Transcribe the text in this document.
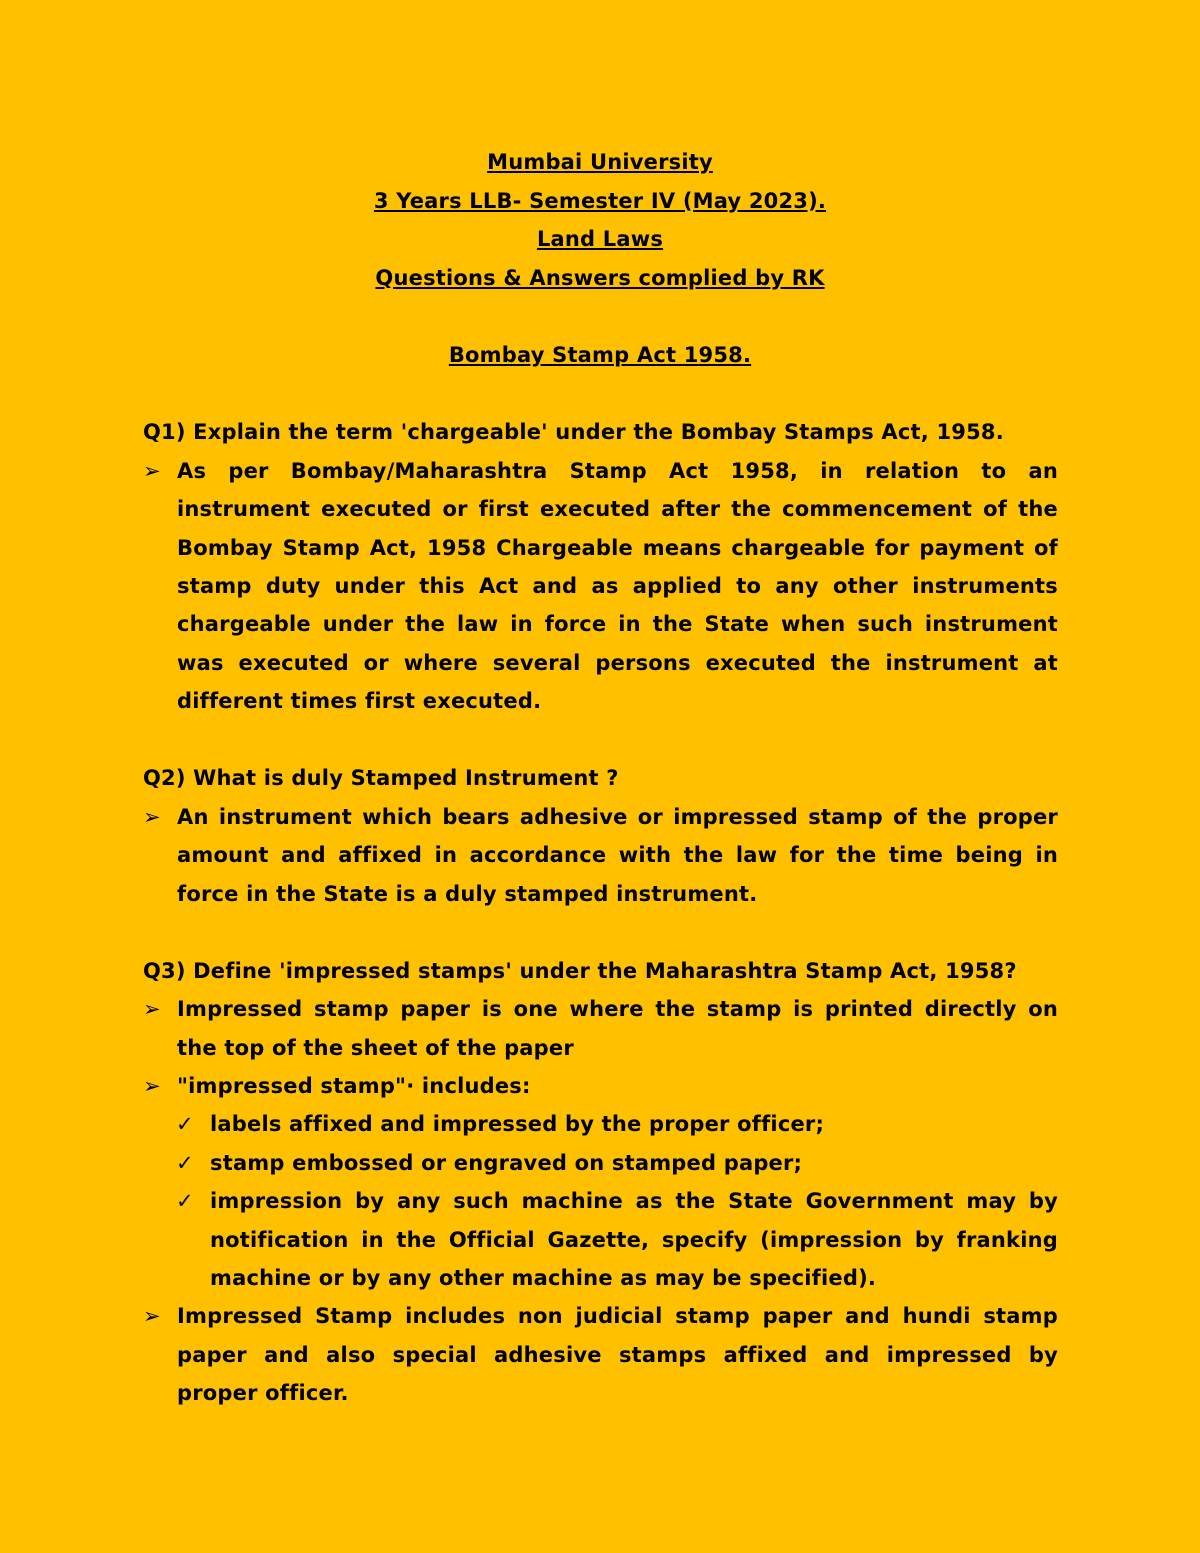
Mumbai University

3 Years LLB- Semester IV (May 2023).

Land Laws

Questions & Answers complied by RK

Bombay Stamp Act 1958.

Q1) Explain the term 'chargeable' under the Bombay Stamps Act, 1958.

➢ As per Bombay/Maharashtra Stamp Act 1958, in relation to an instrument executed or first executed after the commencement of the Bombay Stamp Act, 1958 Chargeable means chargeable for payment of stamp duty under this Act and as applied to any other instruments chargeable under the law in force in the State when such instrument was executed or where several persons executed the instrument at different times first executed.

Q2) What is duly Stamped Instrument ?

➢ An instrument which bears adhesive or impressed stamp of the proper amount and affixed in accordance with the law for the time being in force in the State is a duly stamped instrument.

Q3) Define 'impressed stamps' under the Maharashtra Stamp Act, 1958?

➢ Impressed stamp paper is one where the stamp is printed directly on the top of the sheet of the paper
➢ "impressed stamp"· includes:
✓ labels affixed and impressed by the proper officer;
✓ stamp embossed or engraved on stamped paper;
✓ impression by any such machine as the State Government may by notification in the Official Gazette, specify (impression by franking machine or by any other machine as may be specified).
➢ Impressed Stamp includes non judicial stamp paper and hundi stamp paper and also special adhesive stamps affixed and impressed by proper officer.
